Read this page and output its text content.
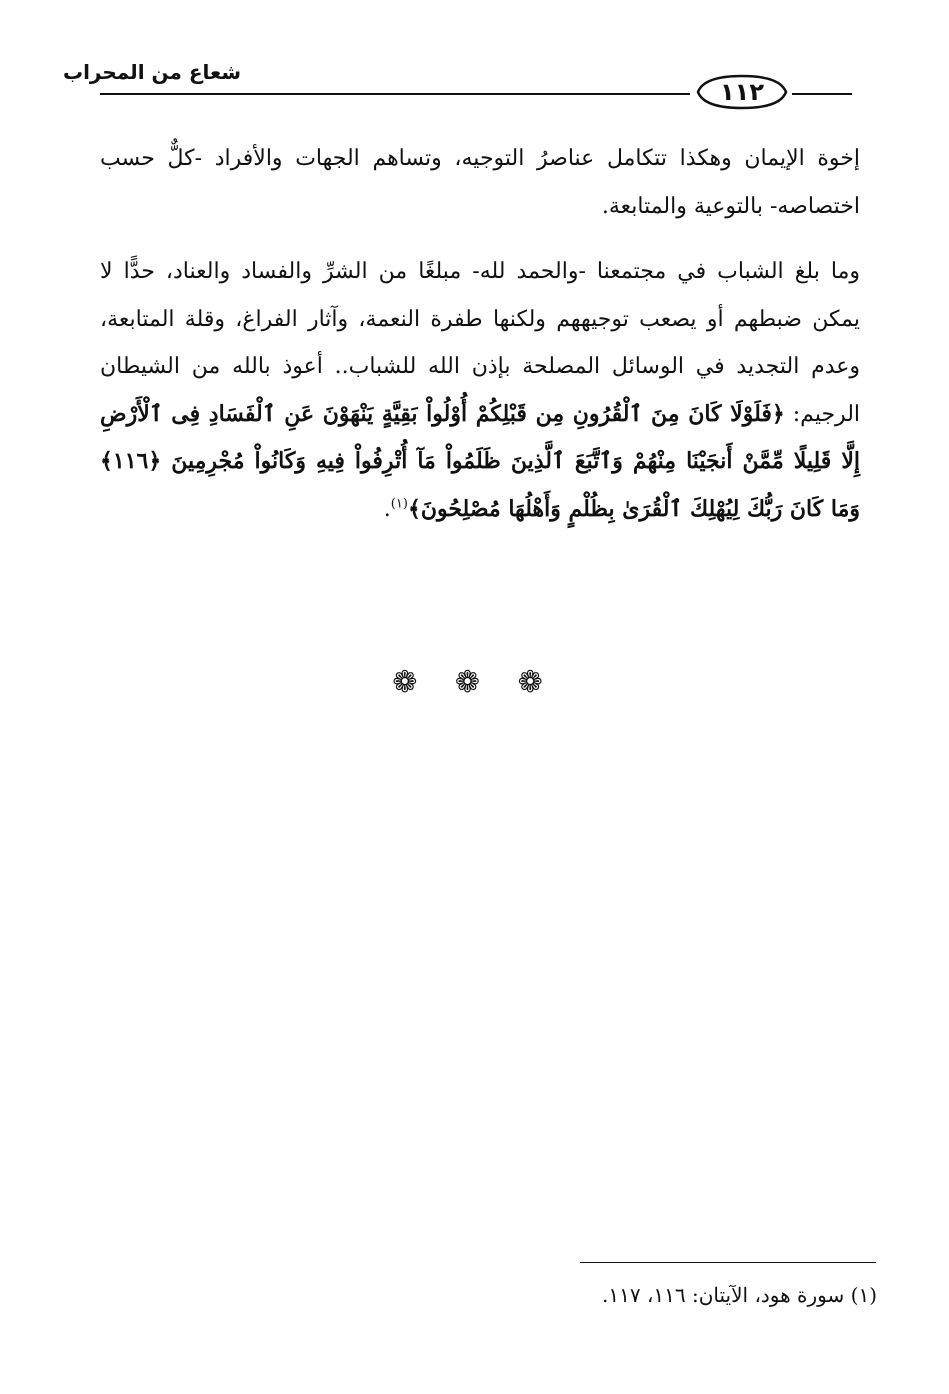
شعاع من المحراب
١١٢

إخوة الإيمان وهكذا تتكامل عناصرُ التوجيه، وتساهم الجهات والأفراد -كلٌّ حسب اختصاصه- بالتوعية والمتابعة.

وما بلغ الشباب في مجتمعنا -والحمد لله- مبلغًا من الشرِّ والفساد والعناد، حدًّا لا يمكن ضبطهم أو يصعب توجيههم ولكنها طفرة النعمة، وآثار الفراغ، وقلة المتابعة، وعدم التجديد في الوسائل المصلحة بإذن الله للشباب.. أعوذ بالله من الشيطان الرجيم: ﴿فَلَوْلَا كَانَ مِنَ ٱلْقُرُونِ مِن قَبْلِكُمْ أُوْلُواْ بَقِيَّةٍ يَنْهَوْنَ عَنِ ٱلْفَسَادِ فِى ٱلْأَرْضِ إِلَّا قَلِيلًا مِّمَّنْ أَنجَيْنَا مِنْهُمْ وَٱتَّبَعَ ٱلَّذِينَ ظَلَمُواْ مَآ أُتْرِفُواْ فِيهِ وَكَانُواْ مُجْرِمِينَ ﴿١١٦﴾ وَمَا كَانَ رَبُّكَ لِيُهْلِكَ ٱلْقُرَىٰ بِظُلْمٍ وَأَهْلُهَا مُصْلِحُونَ﴾$^{(١)}$.

❁ ❁ ❁
(١) سورة هود، الآيتان: ١١٦، ١١٧.
